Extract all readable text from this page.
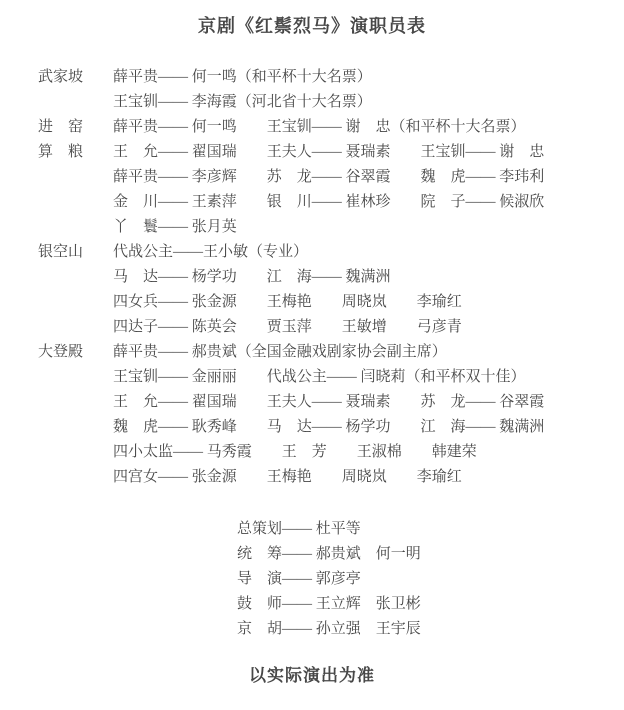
京剧《红鬃烈马》演职员表
武家坡	薛平贵—— 何一鸣（和平杯十大名票）
王宝钏—— 李海霞（河北省十大名票）
进　窑	薛平贵—— 何一鸣　　王宝钏—— 谢　忠（和平杯十大名票）
算　粮	王　允—— 翟国瑞　　王夫人—— 聂瑞素　　王宝钏—— 谢　忠
薛平贵—— 李彦辉　　苏　龙—— 谷翠霞　　魏　虎—— 李玮利
金　川—— 王素萍　　银　川—— 崔林珍　　院　子—— 候淑欣
丫　鬟—— 张月英
银空山	代战公主——王小敏（专业）
马　达—— 杨学功　　江　海—— 魏满洲
四女兵—— 张金源　　王梅艳　　周晓岚　　李瑜红
四达子—— 陈英会　　贾玉萍　　王敏增　　弓彦青
大登殿	薛平贵—— 郝贵斌（全国金融戏剧家协会副主席）
王宝钏—— 金丽丽　　代战公主—— 闫晓莉（和平杯双十佳）
王　允—— 翟国瑞　　王夫人—— 聂瑞素　　苏　龙—— 谷翠霞
魏　虎—— 耿秀峰　　马　达—— 杨学功　　江　海—— 魏满洲
四小太监—— 马秀霞　　王　芳　　王淑棉　　韩建荣
四宫女—— 张金源　　王梅艳　　周晓岚　　李瑜红
总策划—— 杜平等
统　筹—— 郝贵斌　何一明
导　演—— 郭彦亭
鼓　师—— 王立辉　张卫彬
京　胡—— 孙立强　王宇辰
以实际演出为准
